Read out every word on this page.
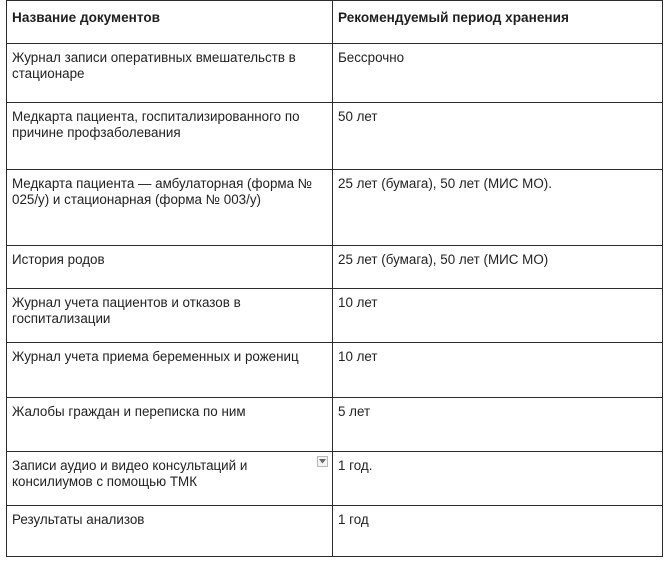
Название документов	Рекомендуемый период хранения
Журнал записи оперативных вмешательств в стационаре	Бессрочно
Медкарта пациента, госпитализированного по причине профзаболевания	50 лет
Медкарта пациента — амбулаторная (форма № 025/у) и стационарная (форма № 003/у)	25 лет (бумага), 50 лет (МИС МО).
История родов	25 лет (бумага), 50 лет (МИС МО)
Журнал учета пациентов и отказов в госпитализации	10 лет
Журнал учета приема беременных и рожениц	10 лет
Жалобы граждан и переписка по ним	5 лет
Записи аудио и видео консультаций и консилиумов с помощью ТМК	1 год.
Результаты анализов	1 год
